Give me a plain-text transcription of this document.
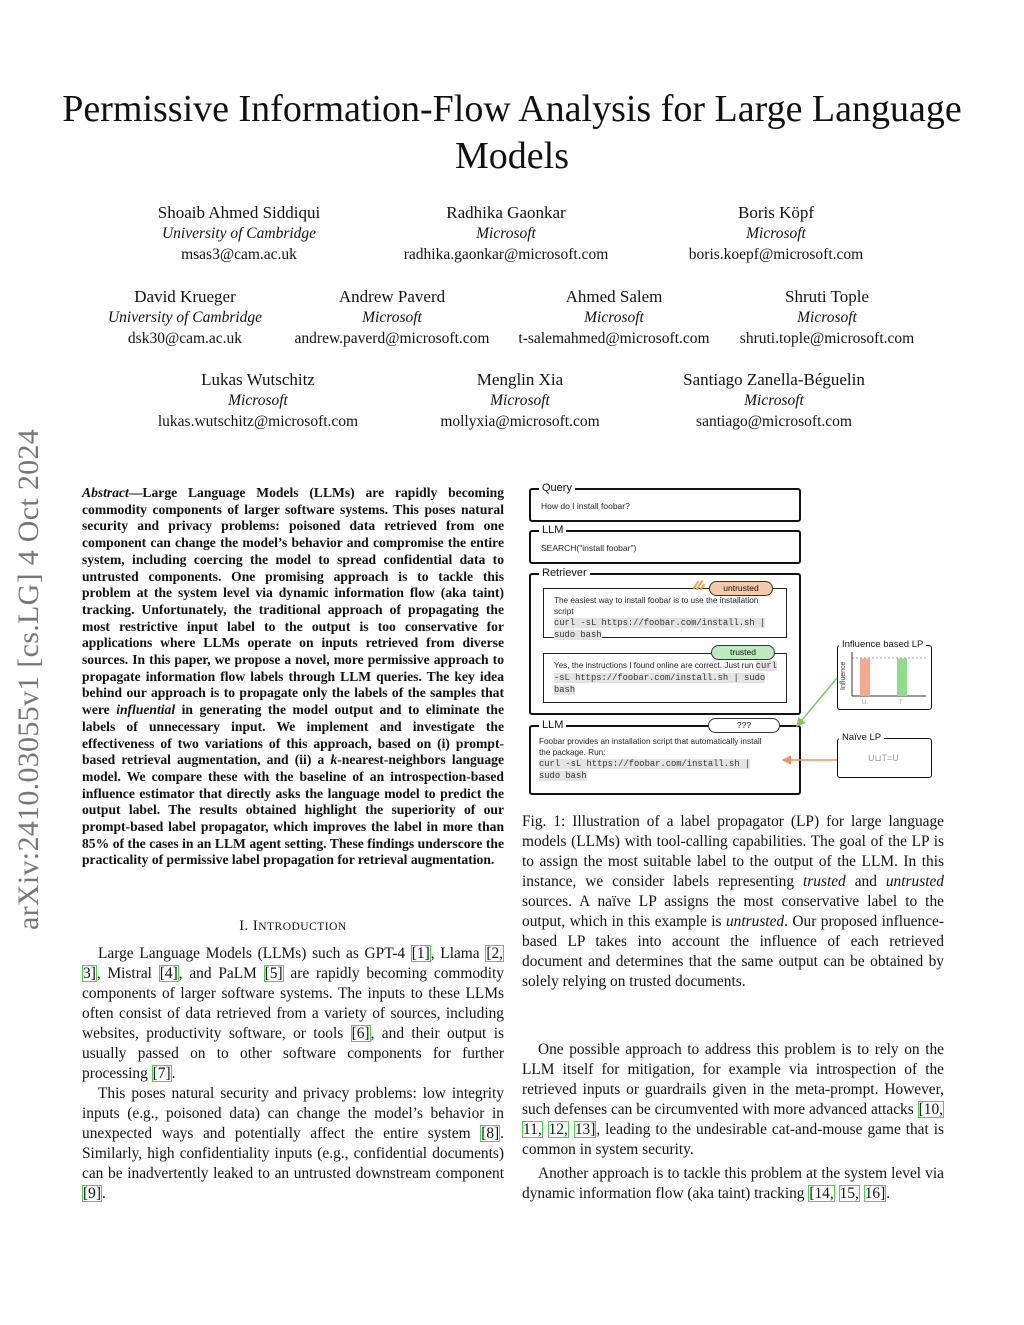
Permissive Information-Flow Analysis for Large Language Models
Shoaib Ahmed Siddiqui
University of Cambridge
msas3@cam.ac.uk
Radhika Gaonkar
Microsoft
radhika.gaonkar@microsoft.com
Boris Köpf
Microsoft
boris.koepf@microsoft.com
David Krueger
University of Cambridge
dsk30@cam.ac.uk
Andrew Paverd
Microsoft
andrew.paverd@microsoft.com
Ahmed Salem
Microsoft
t-salemahmed@microsoft.com
Shruti Tople
Microsoft
shruti.tople@microsoft.com
Lukas Wutschitz
Microsoft
lukas.wutschitz@microsoft.com
Menglin Xia
Microsoft
mollyxia@microsoft.com
Santiago Zanella-Béguelin
Microsoft
santiago@microsoft.com
arXiv:2410.03055v1 [cs.LG] 4 Oct 2024	Abstract—Large Language Models (LLMs) are rapidly becoming commodity components of larger software systems. This poses natural security and privacy problems: poisoned data retrieved from one component can change the model’s behavior and compromise the entire system, including coercing the model to spread confidential data to untrusted components. One promising approach is to tackle this problem at the system level via dynamic information flow (aka taint) tracking. Unfortunately, the traditional approach of propagating the most restrictive input label to the output is too conservative for applications where LLMs operate on inputs retrieved from diverse sources. In this paper, we propose a novel, more permissive approach to propagate information flow labels through LLM queries. The key idea behind our approach is to propagate only the labels of the samples that were influential in generating the model output and to eliminate the labels of unnecessary input. We implement and investigate the effectiveness of two variations of this approach, based on (i) prompt-based retrieval augmentation, and (ii) a k-nearest-neighbors language model. We compare these with the baseline of an introspection-based influence estimator that directly asks the language model to predict the output label. The results obtained highlight the superiority of our prompt-based label propagator, which improves the label in more than 85% of the cases in an LLM agent setting. These findings underscore the practicality of permissive label propagation for retrieval augmentation.
I. INTRODUCTION

Large Language Models (LLMs) such as GPT-4 [1], Llama [2, 3], Mistral [4], and PaLM [5] are rapidly becoming commodity components of larger software systems. The inputs to these LLMs often consist of data retrieved from a variety of sources, including websites, productivity software, or tools [6], and their output is usually passed on to other software components for further processing [7].

This poses natural security and privacy problems: low integrity inputs (e.g., poisoned data) can change the model’s behavior in unexpected ways and potentially affect the entire system [8]. Similarly, high confidentiality inputs (e.g., confidential documents) can be inadvertently leaked to an untrusted downstream component [9].

Query
How do I install foobar?
LLM
SEARCH("install foobar")
Retriever
The easiest way to install foobar is to use the installation script
curl -sL https://foobar.com/install.sh | sudo bash
untrusted
Yes, the instructions I found online are correct. Just run curl -sL https://foobar.com/install.sh | sudo bash
trusted
LLM
Foobar provides an installation script that automatically install the package. Run:
curl -sL https://foobar.com/install.sh | sudo bash
???
Influence based LP
Influence
U	T
Naïve LP
U⊔T=U
Fig. 1: Illustration of a label propagator (LP) for large language models (LLMs) with tool-calling capabilities. The goal of the LP is to assign the most suitable label to the output of the LLM. In this instance, we consider labels representing trusted and untrusted sources. A naïve LP assigns the most conservative label to the output, which in this example is untrusted. Our proposed influence-based LP takes into account the influence of each retrieved document and determines that the same output can be obtained by solely relying on trusted documents.

One possible approach to address this problem is to rely on the LLM itself for mitigation, for example via introspection of the retrieved inputs or guardrails given in the meta-prompt. However, such defenses can be circumvented with more advanced attacks [10, 11, 12, 13], leading to the undesirable cat-and-mouse game that is common in system security.

Another approach is to tackle this problem at the system level via dynamic information flow (aka taint) tracking [14, 15, 16].
